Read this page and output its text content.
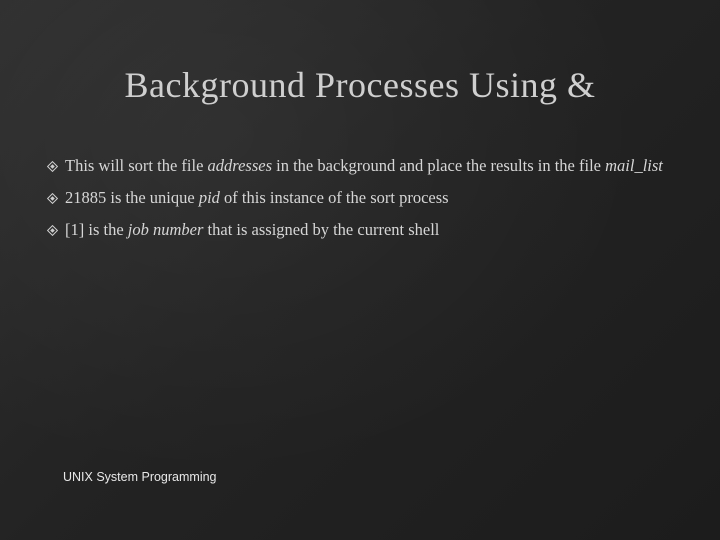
Background Processes Using &
This will sort the file addresses in the background and place the results in the file mail_list
21885 is the unique pid of this instance of the sort process
[1] is the job number that is assigned by the current shell
UNIX System Programming
